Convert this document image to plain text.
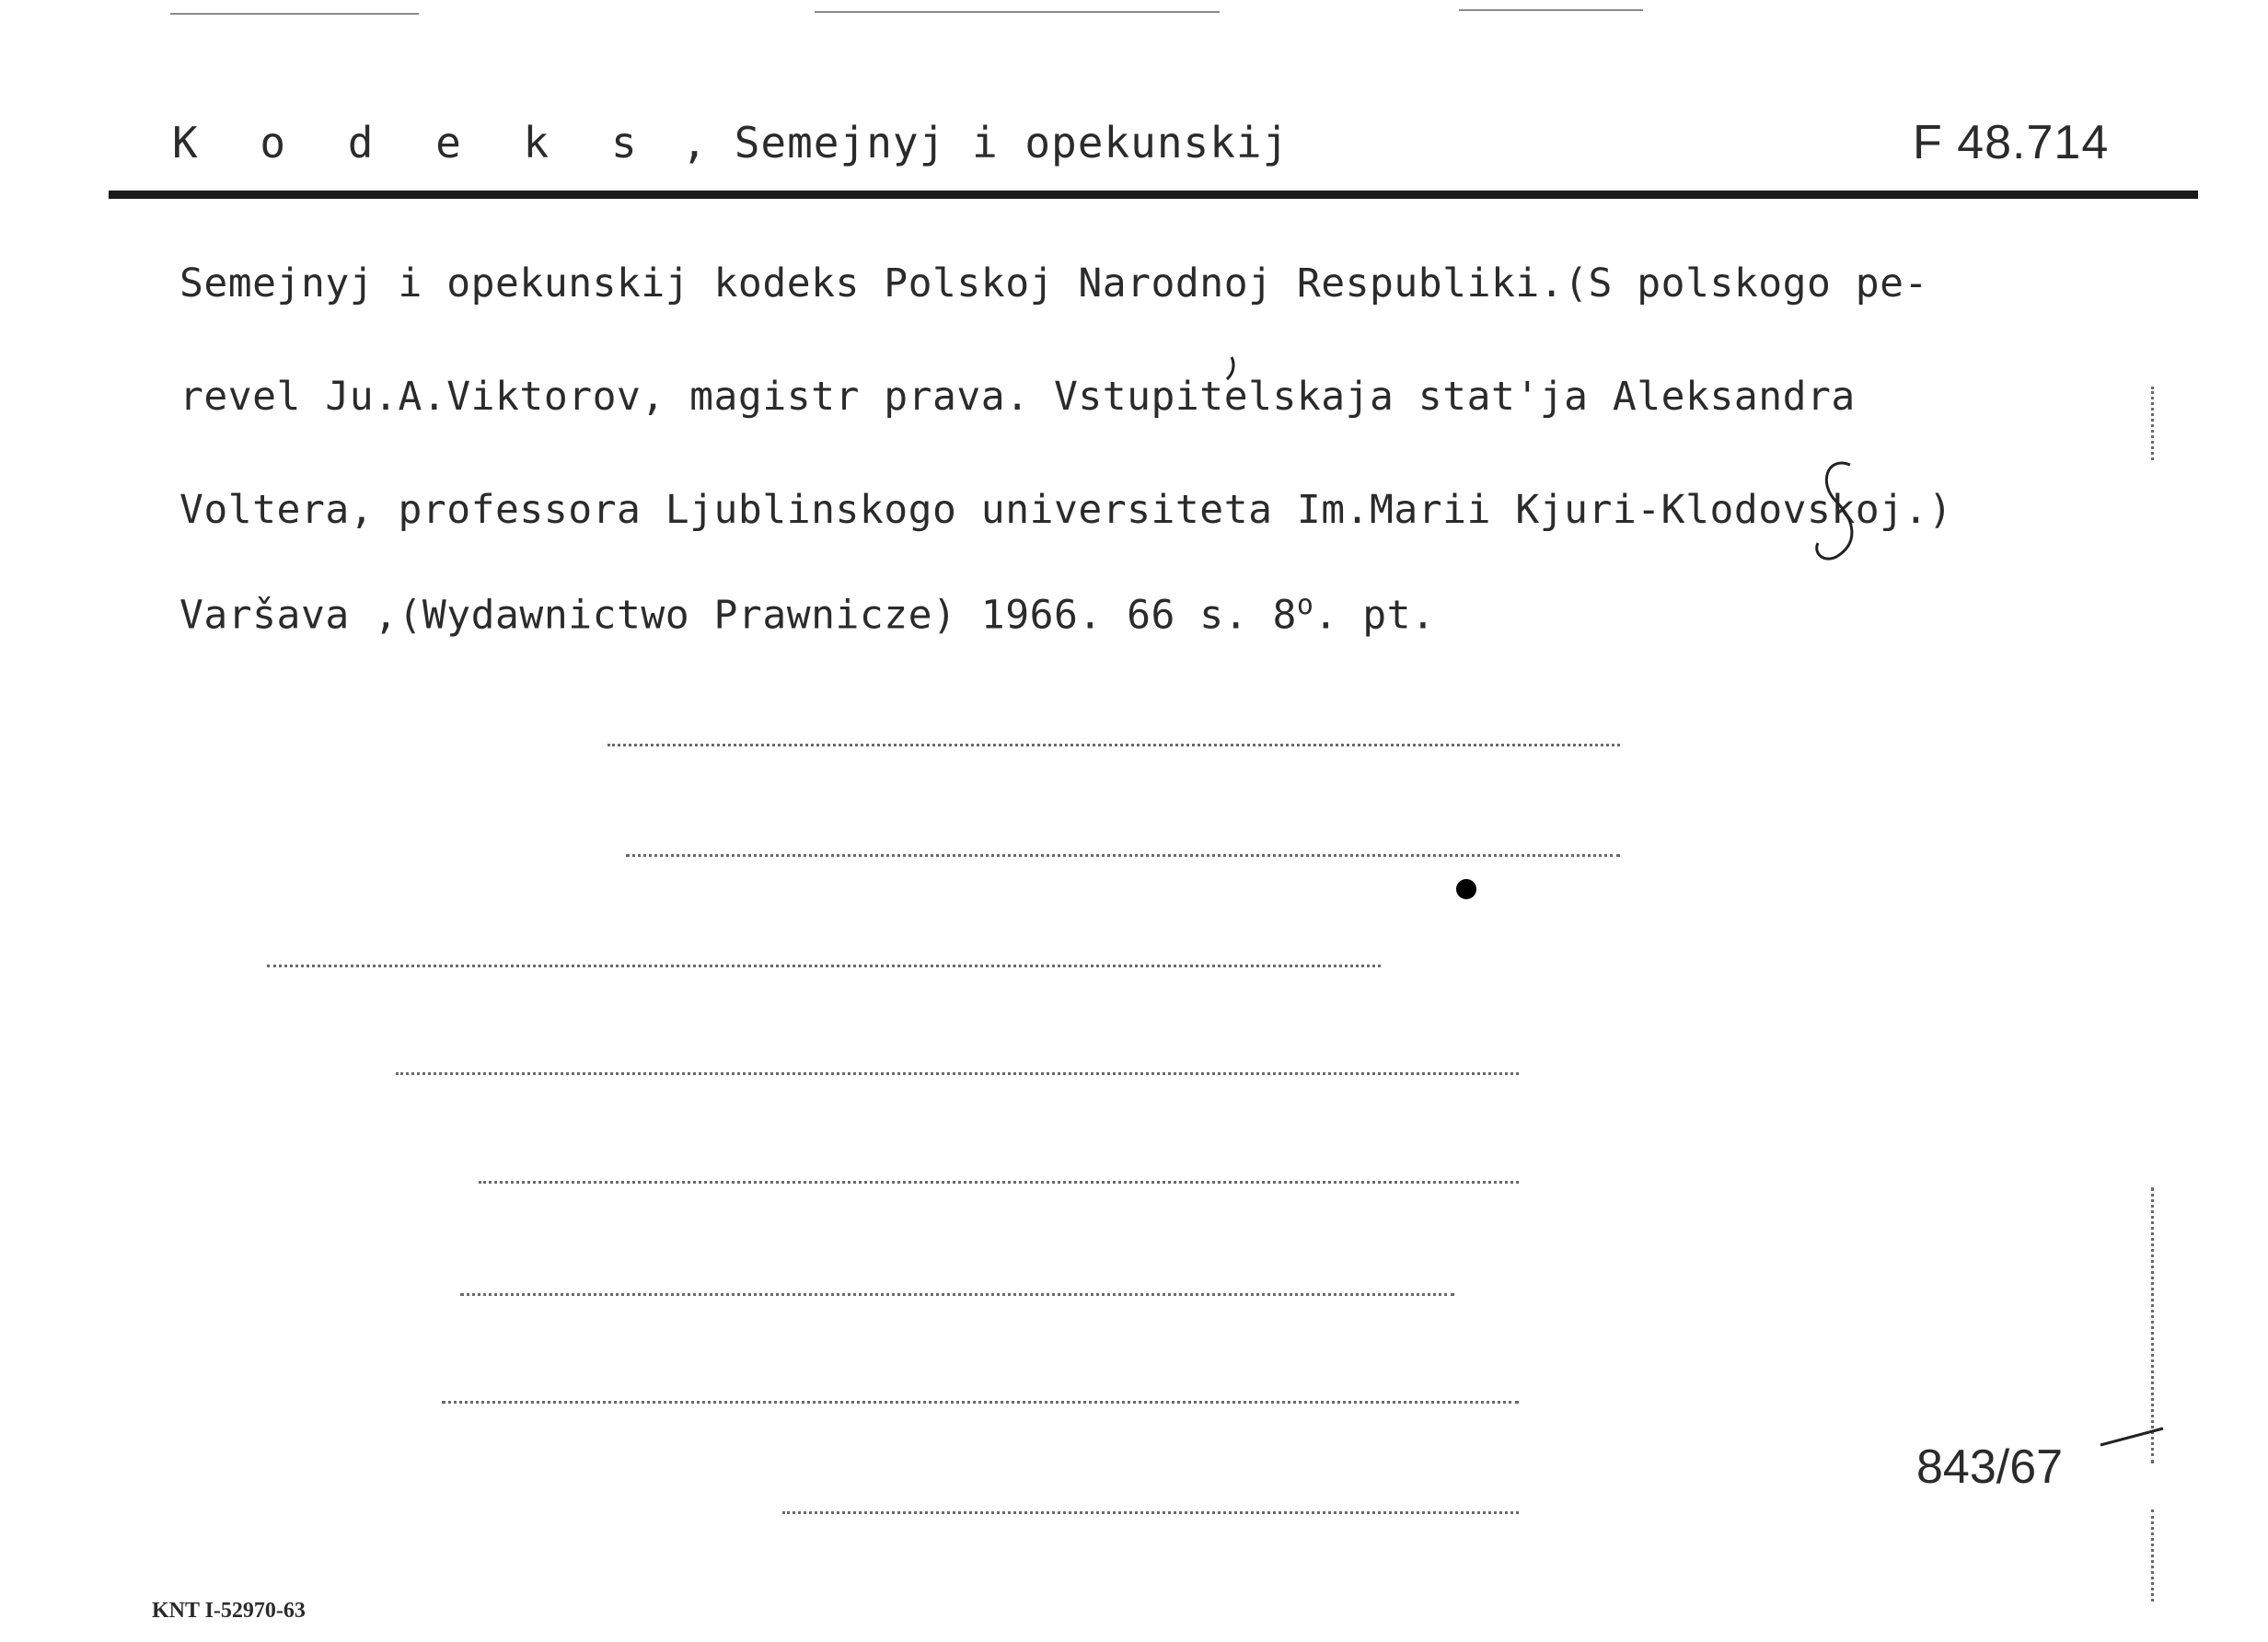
K o d e k s , Semejnyj i opekunskij	F 48.714
Semejnyj i opekunskij kodeks Polskoj Narodnoj Respubliki.(S polskogo pe-
revel Ju.A.Viktorov, magistr prava. Vstupitelskaja stat'ja Aleksandra
Voltera, professora Ljublinskogo universiteta Im.Marii Kjuri-Klodovskoj.)
Varšava ,(Wydawnictwo Prawnicze) 1966. 66 s. 8$^o$. pt.
843/67
KNT I-52970-63
